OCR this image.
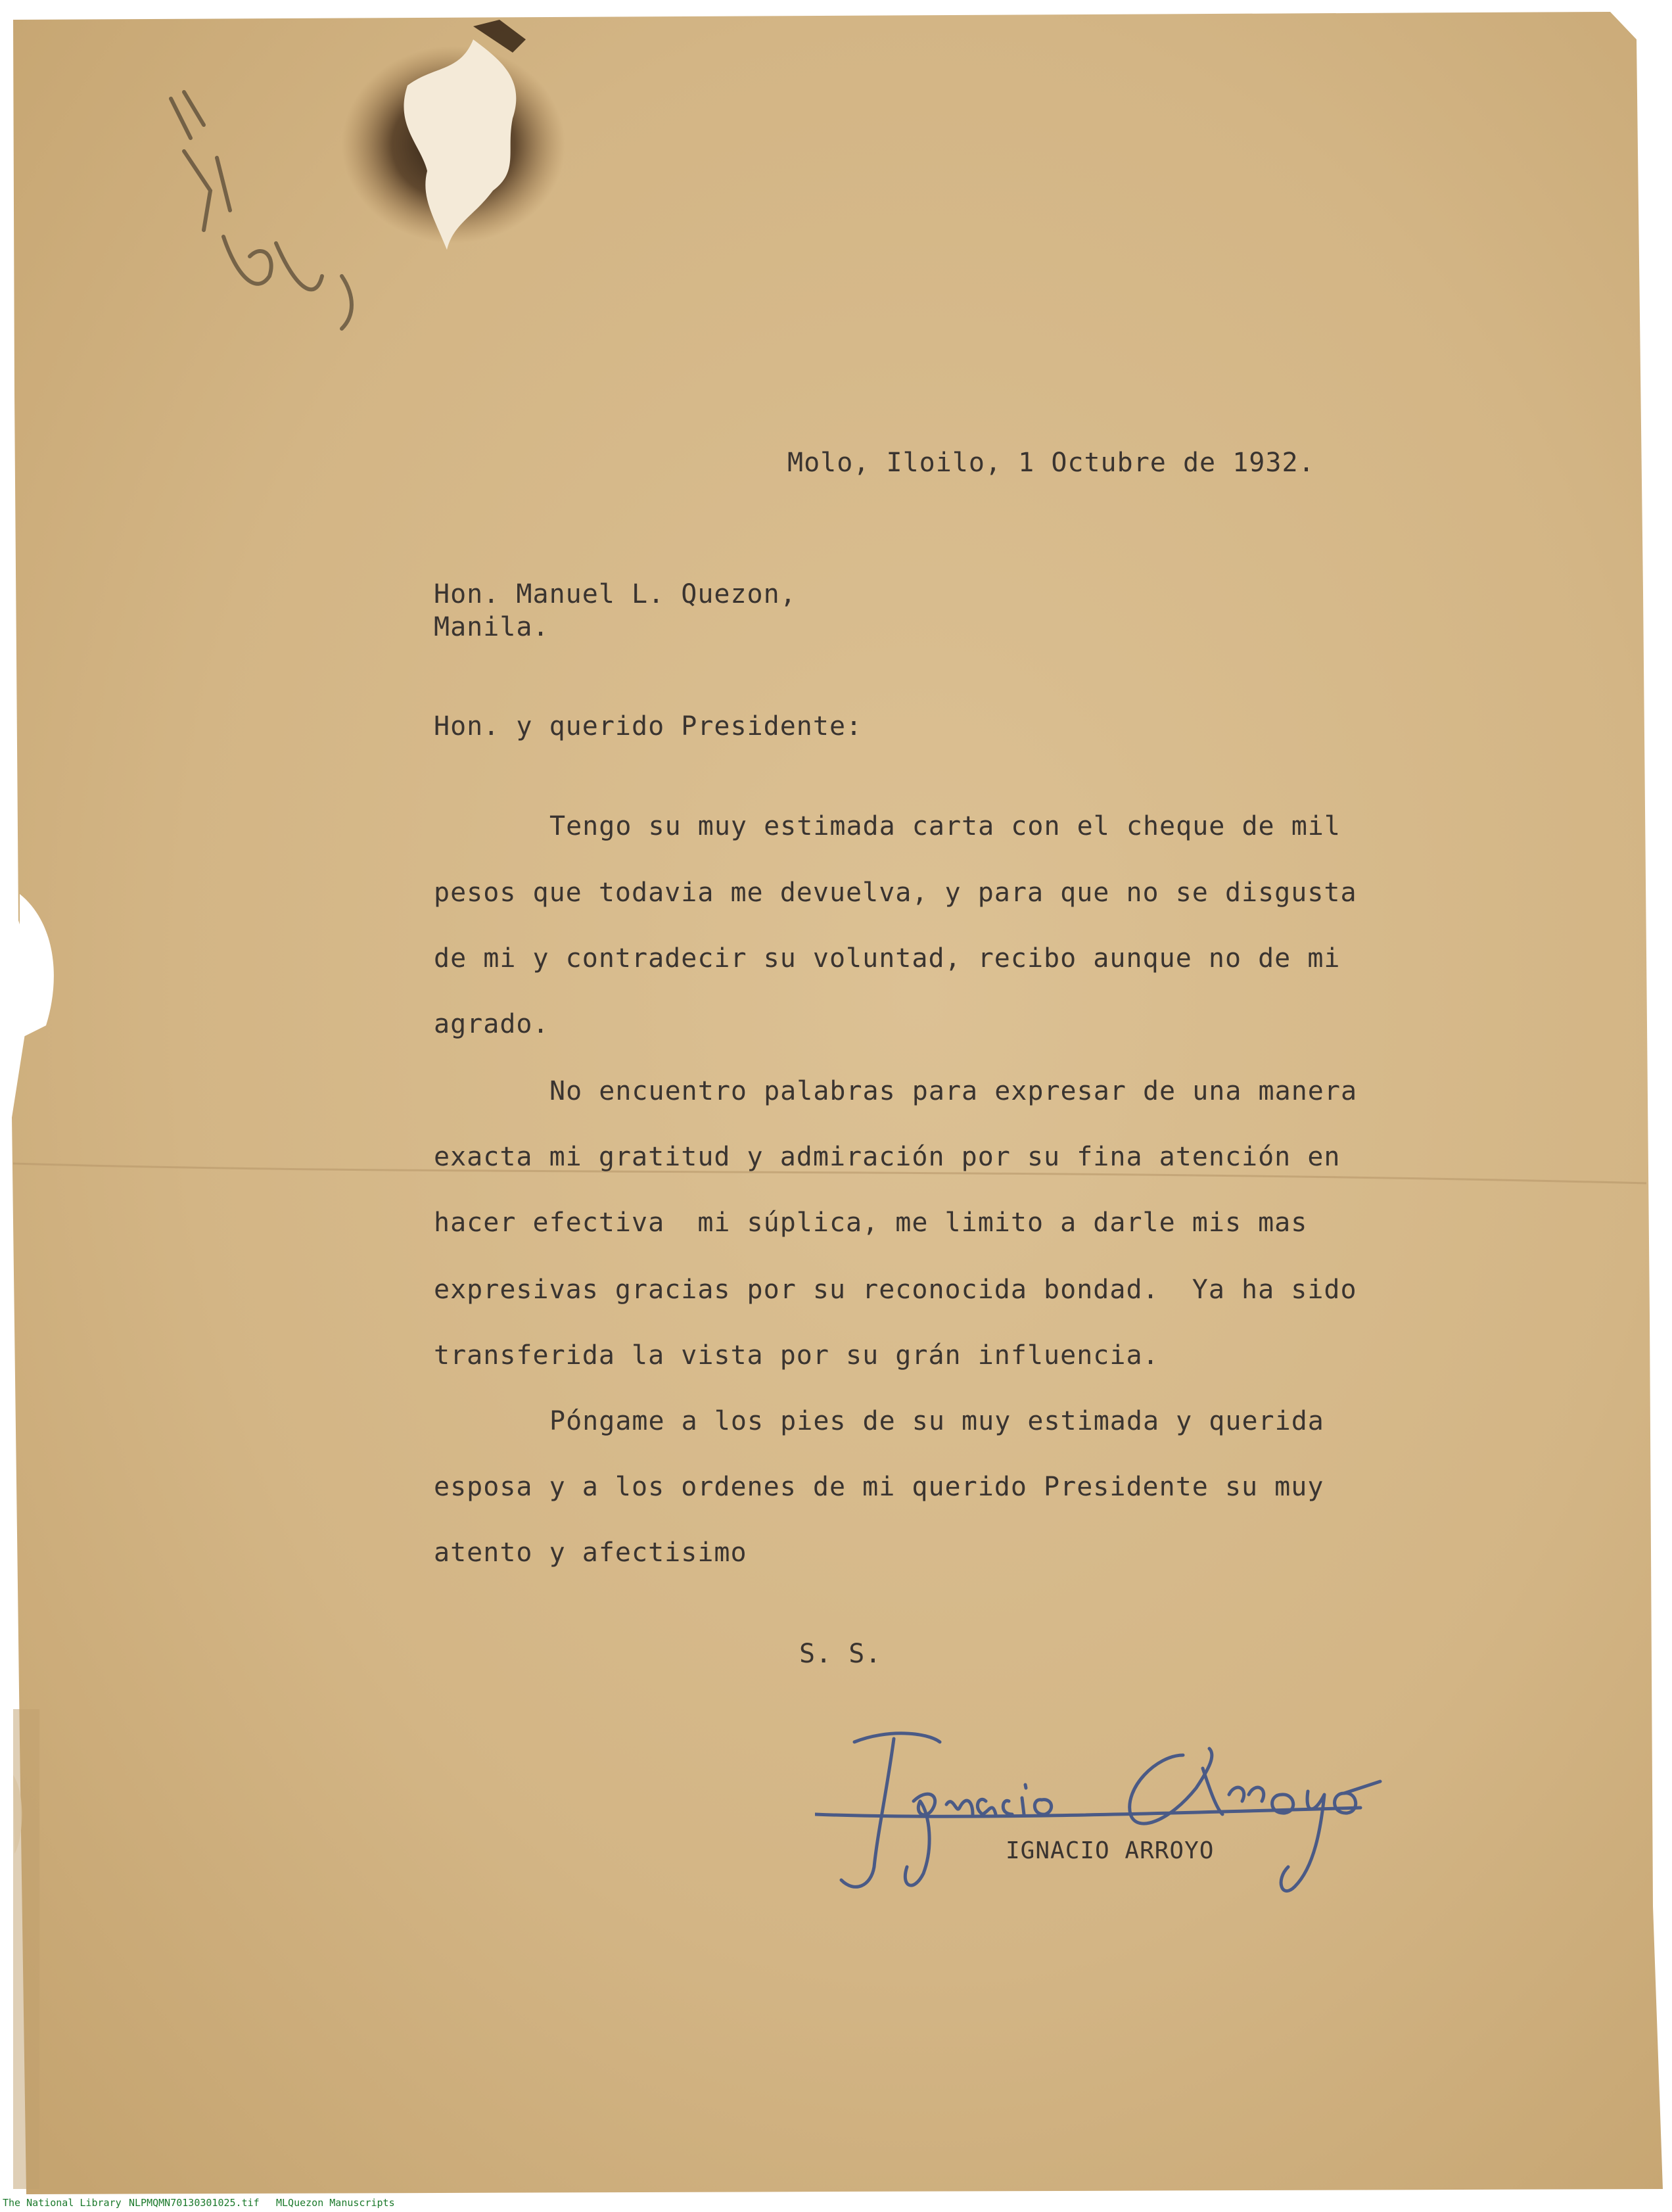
Molo, Iloilo, 1 Octubre de 1932.
Hon. Manuel L. Quezon,
Manila.
Hon. y querido Presidente:
Tengo su muy estimada carta con el cheque de mil
pesos que todavia me devuelva, y para que no se disgusta
de mi y contradecir su voluntad, recibo aunque no de mi
agrado.
No encuentro palabras para expresar de una manera
exacta mi gratitud y admiración por su fina atención en
hacer efectiva  mi súplica, me limito a darle mis mas
expresivas gracias por su reconocida bondad.  Ya ha sido
transferida la vista por su grán influencia.
Póngame a los pies de su muy estimada y querida
esposa y a los ordenes de mi querido Presidente su muy
atento y afectisimo
S. S.
IGNACIO ARROYO
The National Library NLPMQMN70130301025.tif MLQuezon Manuscripts
